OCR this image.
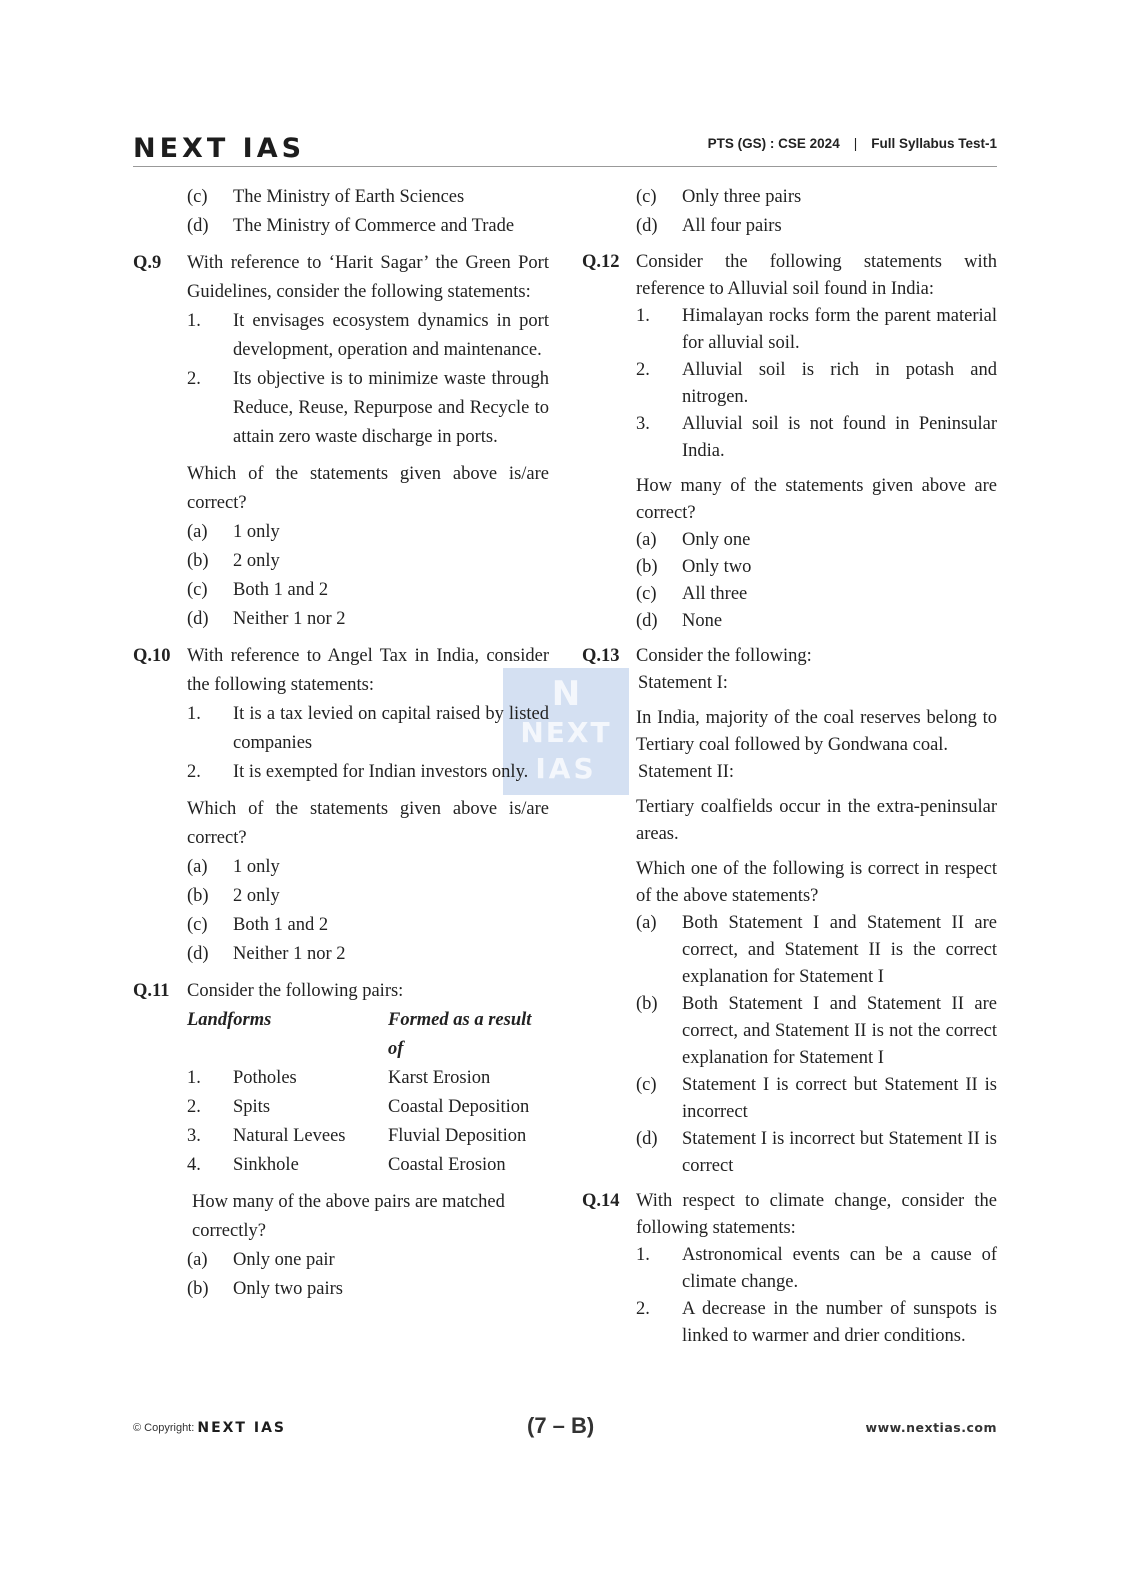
NEXT IAS	PTS (GS) : CSE 2024 | Full Syllabus Test-1
N
NEXT
IAS
(c) The Ministry of Earth Sciences
(d) The Ministry of Commerce and Trade
Q.9 With reference to ‘Harit Sagar’ the Green Port Guidelines, consider the following statements:
1. It envisages ecosystem dynamics in port development, operation and maintenance.
2. Its objective is to minimize waste through Reduce, Reuse, Repurpose and Recycle to attain zero waste discharge in ports.
Which of the statements given above is/are correct?
(a) 1 only
(b) 2 only
(c) Both 1 and 2
(d) Neither 1 nor 2
Q.10 With reference to Angel Tax in India, consider the following statements:
1. It is a tax levied on capital raised by listed companies
2. It is exempted for Indian investors only.
Which of the statements given above is/are correct?
(a) 1 only
(b) 2 only
(c) Both 1 and 2
(d) Neither 1 nor 2
Q.11 Consider the following pairs:
Landforms	Formed as a result of
1.	Potholes	Karst Erosion
2.	Spits	Coastal Deposition
3.	Natural Levees	Fluvial Deposition
4.	Sinkhole	Coastal Erosion
How many of the above pairs are matched correctly?
(a) Only one pair
(b) Only two pairs
(c) Only three pairs
(d) All four pairs
Q.12 Consider the following statements with reference to Alluvial soil found in India:
1. Himalayan rocks form the parent material for alluvial soil.
2. Alluvial soil is rich in potash and nitrogen.
3. Alluvial soil is not found in Peninsular India.
How many of the statements given above are correct?
(a) Only one
(b) Only two
(c) All three
(d) None
Q.13 Consider the following:
Statement I:
In India, majority of the coal reserves belong to Tertiary coal followed by Gondwana coal.
Statement II:
Tertiary coalfields occur in the extra-peninsular areas.
Which one of the following is correct in respect of the above statements?
(a) Both Statement I and Statement II are correct, and Statement II is the correct explanation for Statement I
(b) Both Statement I and Statement II are correct, and Statement II is not the correct explanation for Statement I
(c) Statement I is correct but Statement II is incorrect
(d) Statement I is incorrect but Statement II is correct
Q.14 With respect to climate change, consider the following statements:
1. Astronomical events can be a cause of climate change.
2. A decrease in the number of sunspots is linked to warmer and drier conditions.
© Copyright: NEXT IAS	(7 – B)	www.nextias.com
